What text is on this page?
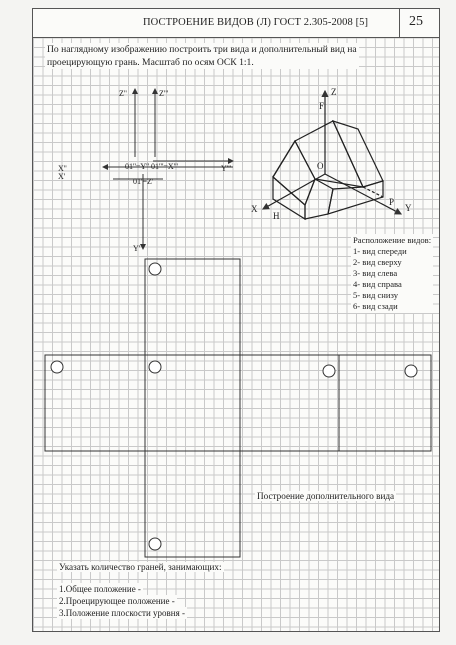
ПОСТРОЕНИЕ ВИДОВ (Л) ГОСТ 2.305-2008 [5]	25
По наглядному изображению построить три вида и дополнительный вид на
проецирующую грань. Масштаб по осям ОСК 1:1.
Z''	Z'''
X''
X'
Y'''
01''=Y'' 01'''=X'''
01'=Z'
Y'
Z
F
O
X
H
P
Y
Расположение видов:
1- вид спереди
2- вид сверху
3- вид слева
4- вид справа
5- вид снизу
6- вид сзади
Построение дополнительного вида
Указать количество граней, занимающих:
1.Общее положение -
2.Проецирующее положение -
3.Положение плоскости уровня -
